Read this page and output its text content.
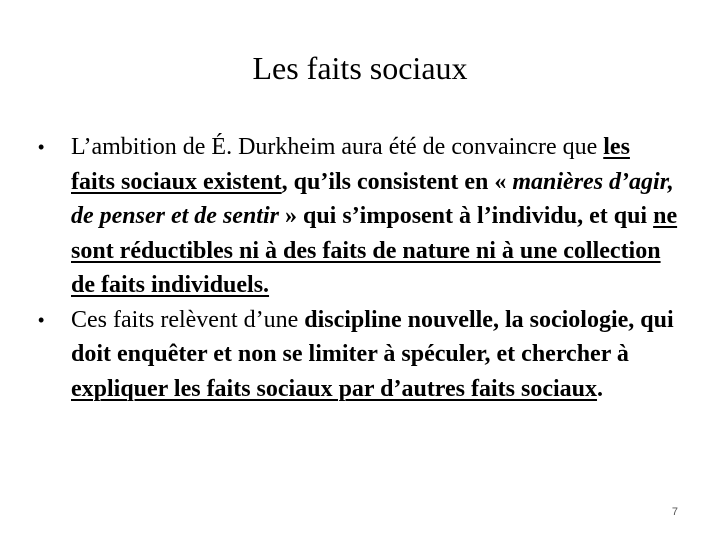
Les faits sociaux
• L’ambition de É. Durkheim aura été de convaincre que les faits sociaux existent, qu’ils consistent en « manières d’agir, de penser et de sentir » qui s’imposent à l’individu, et qui ne sont réductibles ni à des faits de nature ni à une collection de faits individuels.
• Ces faits relèvent d’une discipline nouvelle, la sociologie, qui doit enquêter et non se limiter à spéculer, et chercher à expliquer les faits sociaux par d’autres faits sociaux.
7
